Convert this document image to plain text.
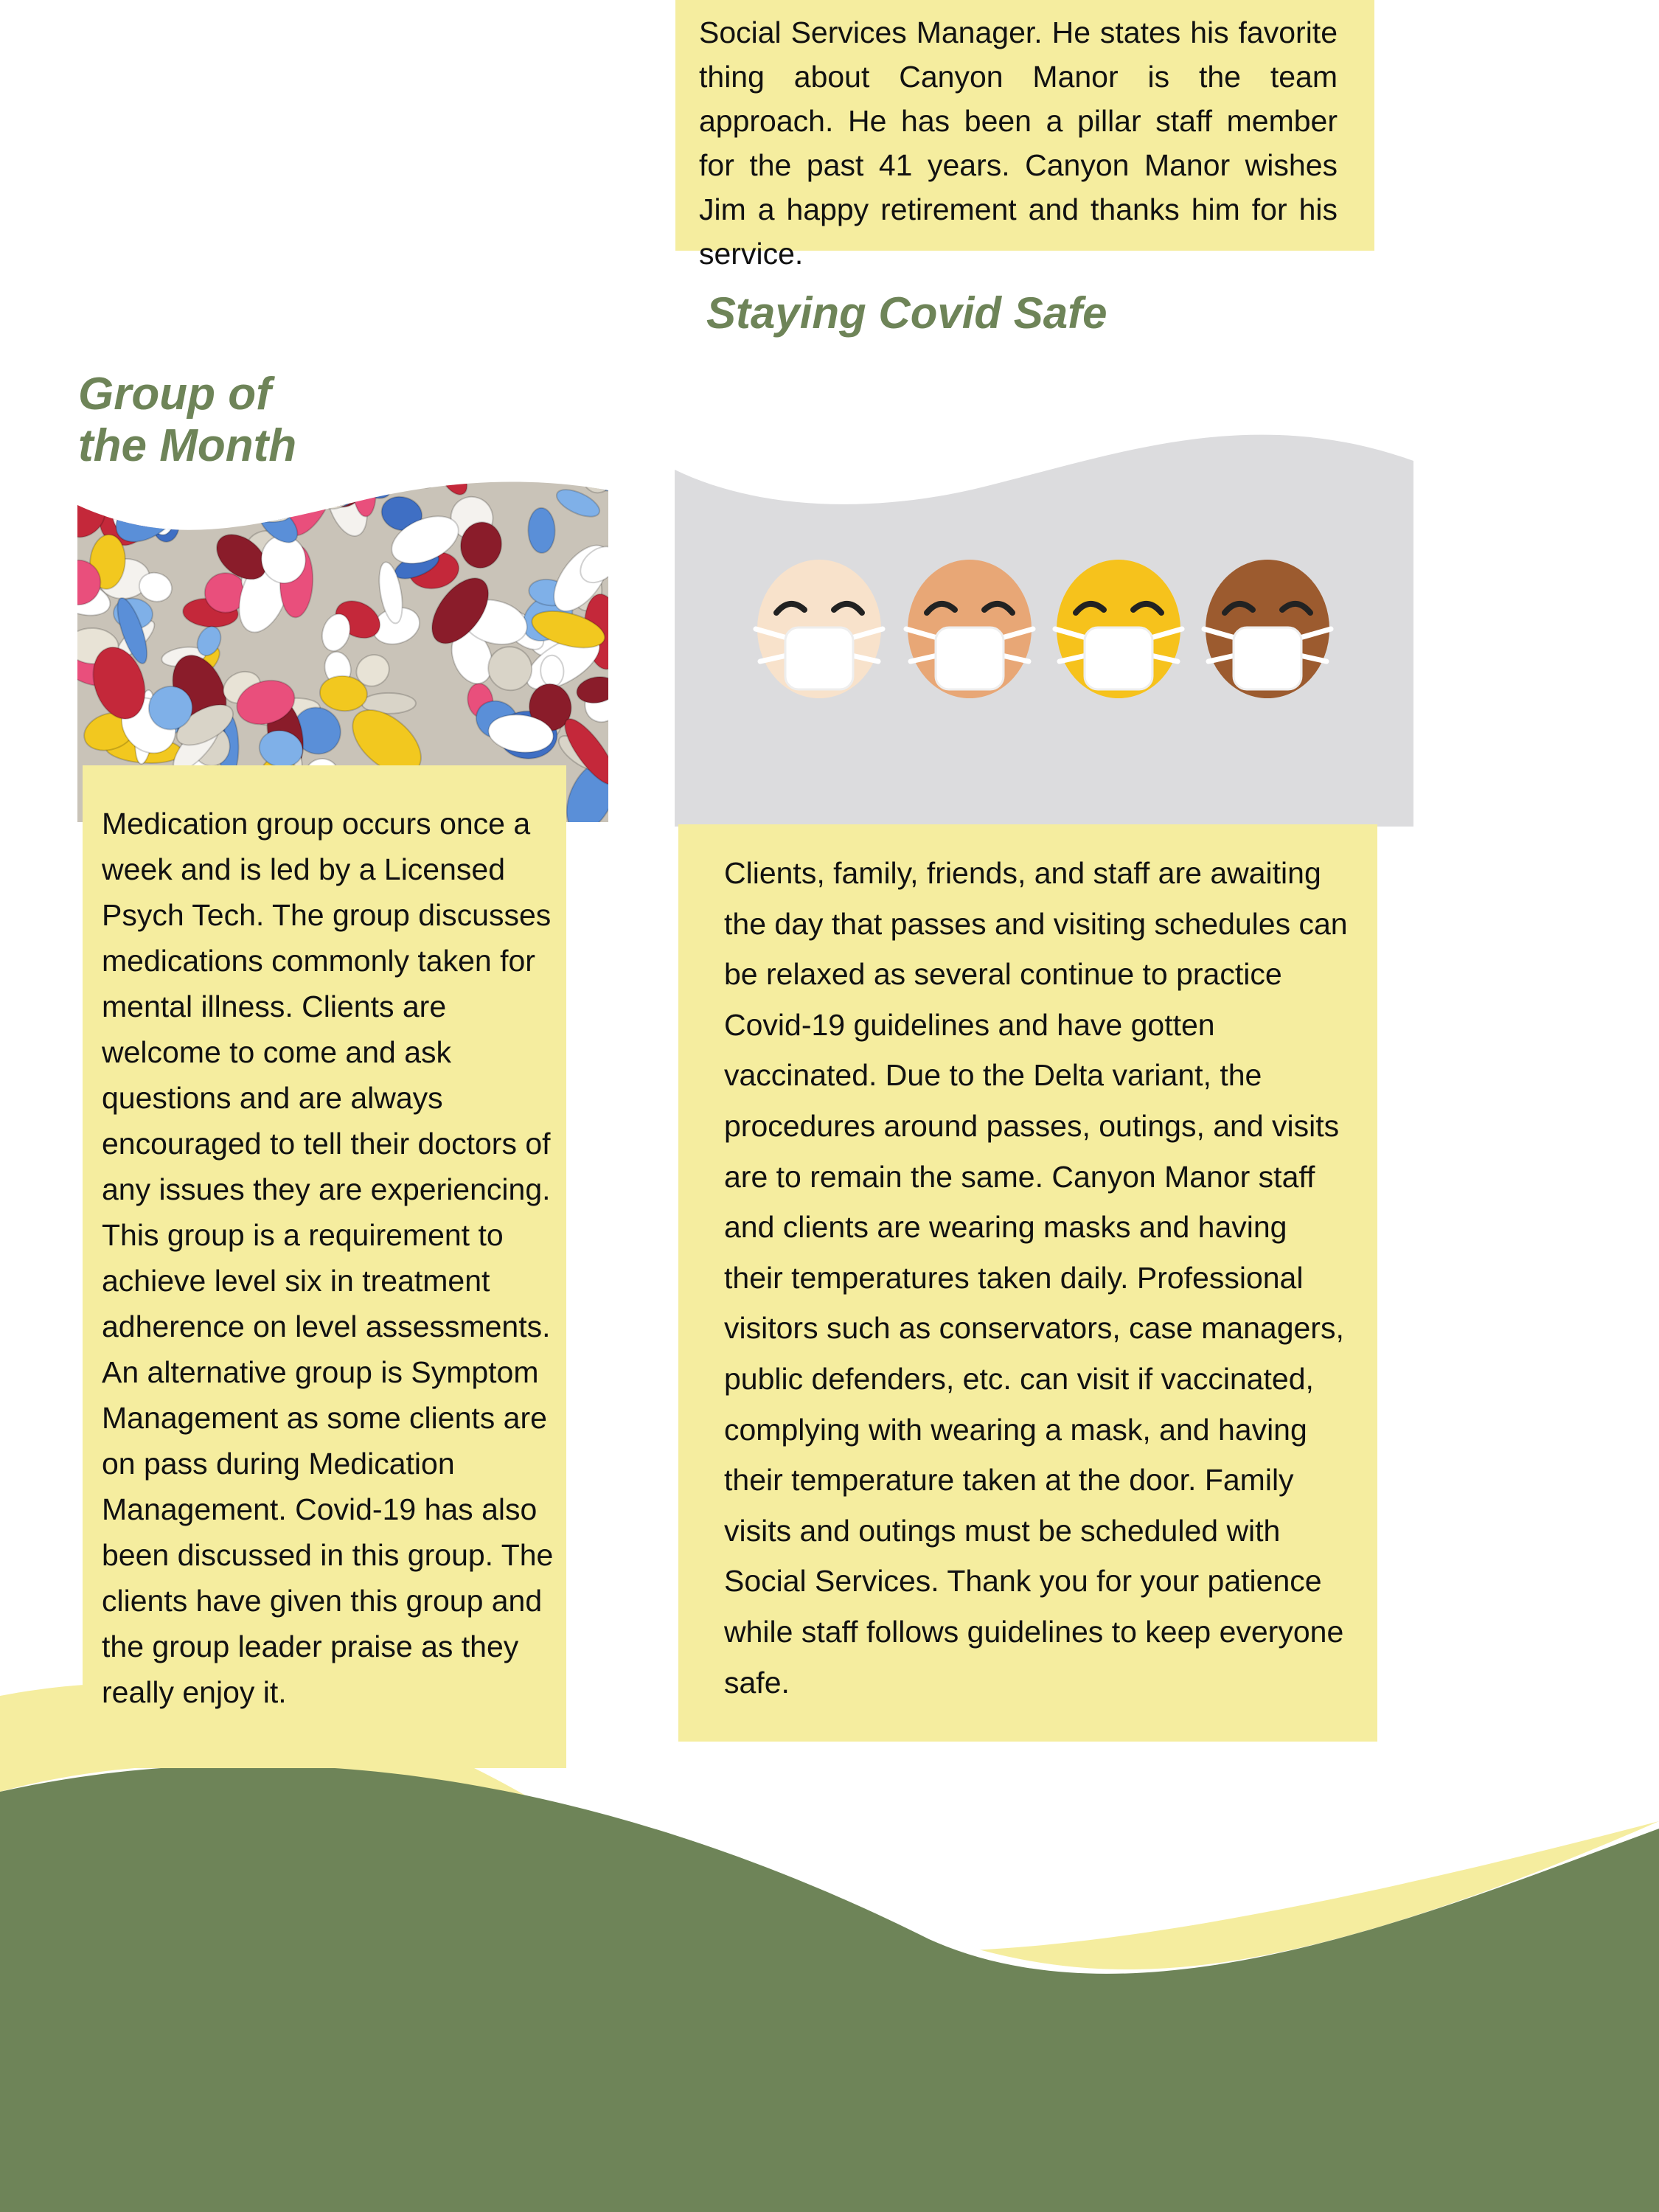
Social Services Manager. He states his favorite thing about Canyon Manor is the team approach. He has been a pillar staff member for the past 41 years. Canyon Manor wishes Jim a happy retirement and thanks him for his service.

Staying Covid Safe
Group of
the Month

Medication group occurs once a week and is led by a Licensed Psych Tech. The group discusses medications commonly taken for mental illness. Clients are welcome to come and ask questions and are always encouraged to tell their doctors of any issues they are experiencing. This group is a requirement to achieve level six in treatment adherence on level assessments. An alternative group is Symptom Management as some clients are on pass during Medication Management. Covid-19 has also been discussed in this group. The clients have given this group and the group leader praise as they really enjoy it.

Clients, family, friends, and staff are awaiting the day that passes and visiting schedules can be relaxed as several continue to practice Covid-19 guidelines and have gotten vaccinated. Due to the Delta variant, the procedures around passes, outings, and visits are to remain the same. Canyon Manor staff and clients are wearing masks and having their temperatures taken daily. Professional visitors such as conservators, case managers, public defenders, etc. can visit if vaccinated, complying with wearing a mask, and having their temperature taken at the door. Family visits and outings must be scheduled with Social Services. Thank you for your patience while staff follows guidelines to keep everyone safe.
